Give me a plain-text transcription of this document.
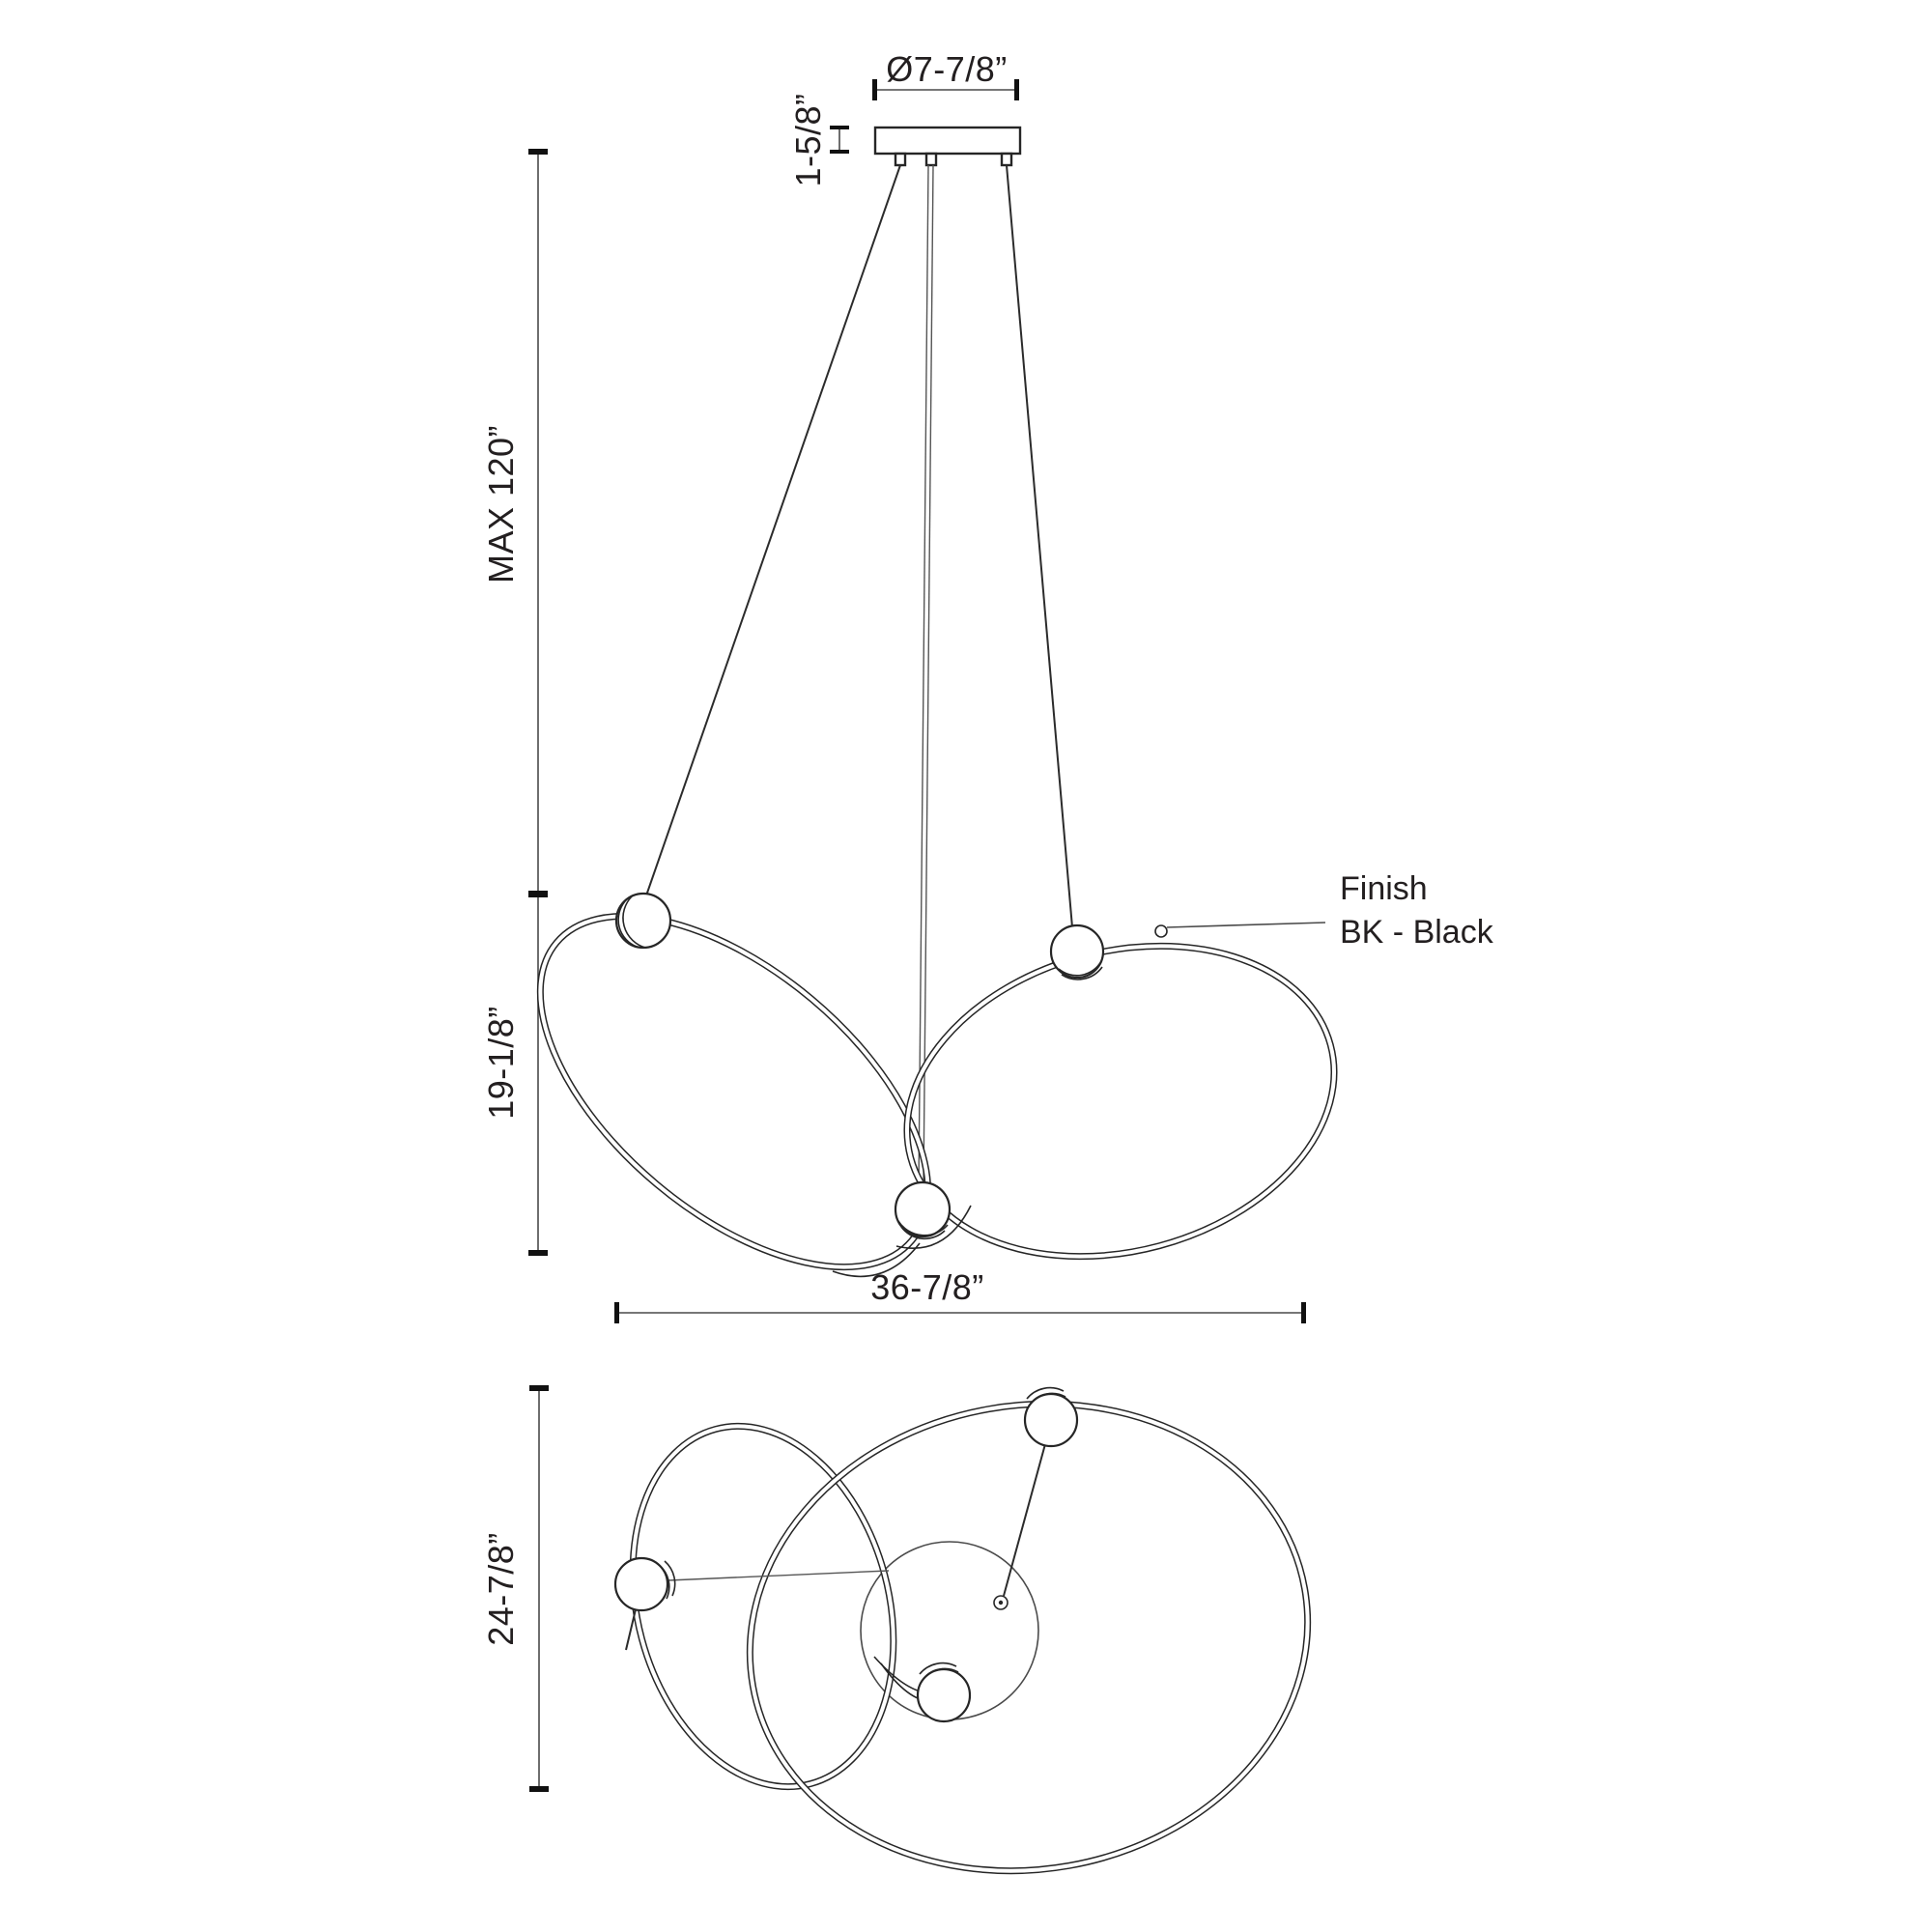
Ø7-7/8”
1-5/8”
MAX 120”
19-1/8”
Finish
BK - Black
36-7/8”
24-7/8”
